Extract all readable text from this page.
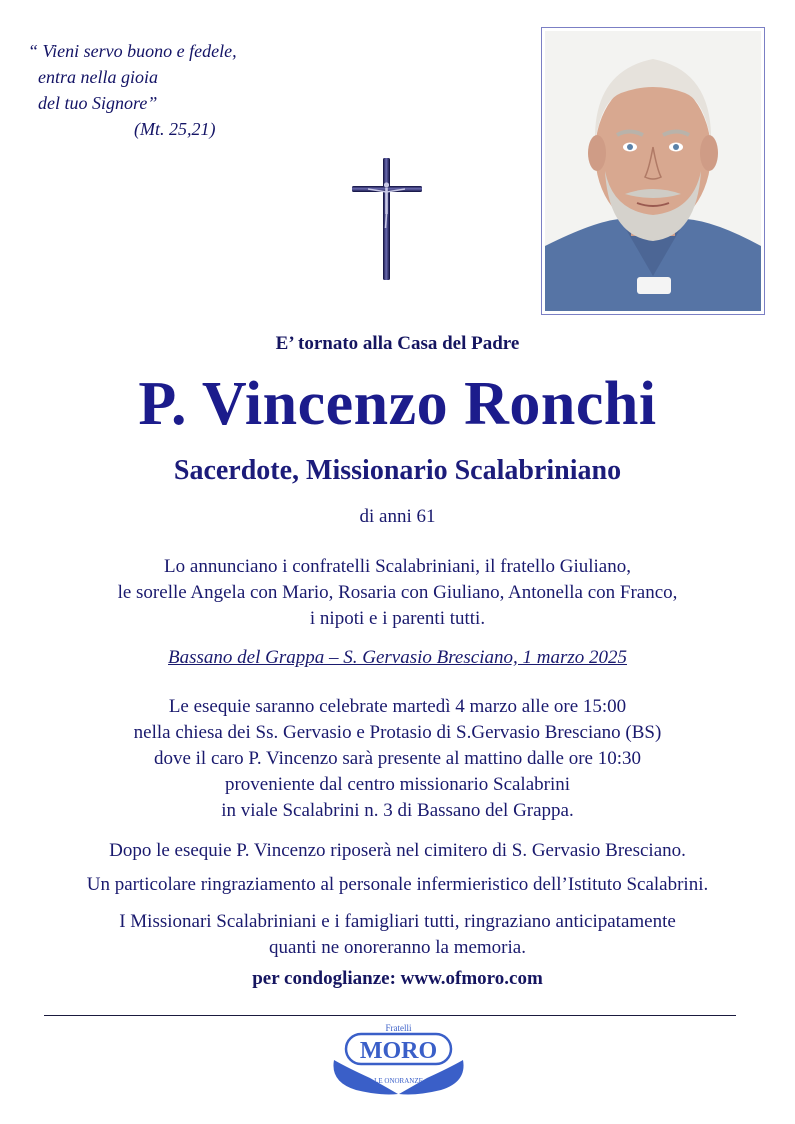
“ Vieni servo buono e fedele,
entra nella gioia
del tuo Signore”
(Mt. 25,21)
E’ tornato alla Casa del Padre
P. Vincenzo Ronchi
Sacerdote, Missionario Scalabriniano
di anni 61
Lo annunciano i confratelli Scalabriniani, il fratello Giuliano,
le sorelle Angela con Mario, Rosaria con Giuliano, Antonella con Franco,
i nipoti e i parenti tutti.
Bassano del Grappa – S. Gervasio Bresciano, 1 marzo 2025
Le esequie saranno celebrate martedì 4 marzo alle ore 15:00
nella chiesa dei Ss. Gervasio e Protasio di S.Gervasio Bresciano (BS)
dove il caro P. Vincenzo sarà presente al mattino dalle ore 10:30
proveniente dal centro missionario Scalabrini
in viale Scalabrini n. 3 di Bassano del Grappa.
Dopo le esequie P. Vincenzo riposerà nel cimitero di S. Gervasio Bresciano.
Un particolare ringraziamento al personale infermieristico dell’Istituto Scalabrini.
I Missionari Scalabriniani e i famigliari tutti, ringraziano anticipatamente
quanti ne onoreranno la memoria.
per condoglianze: www.ofmoro.com
Fratelli
MORO
LE ONORANZE
